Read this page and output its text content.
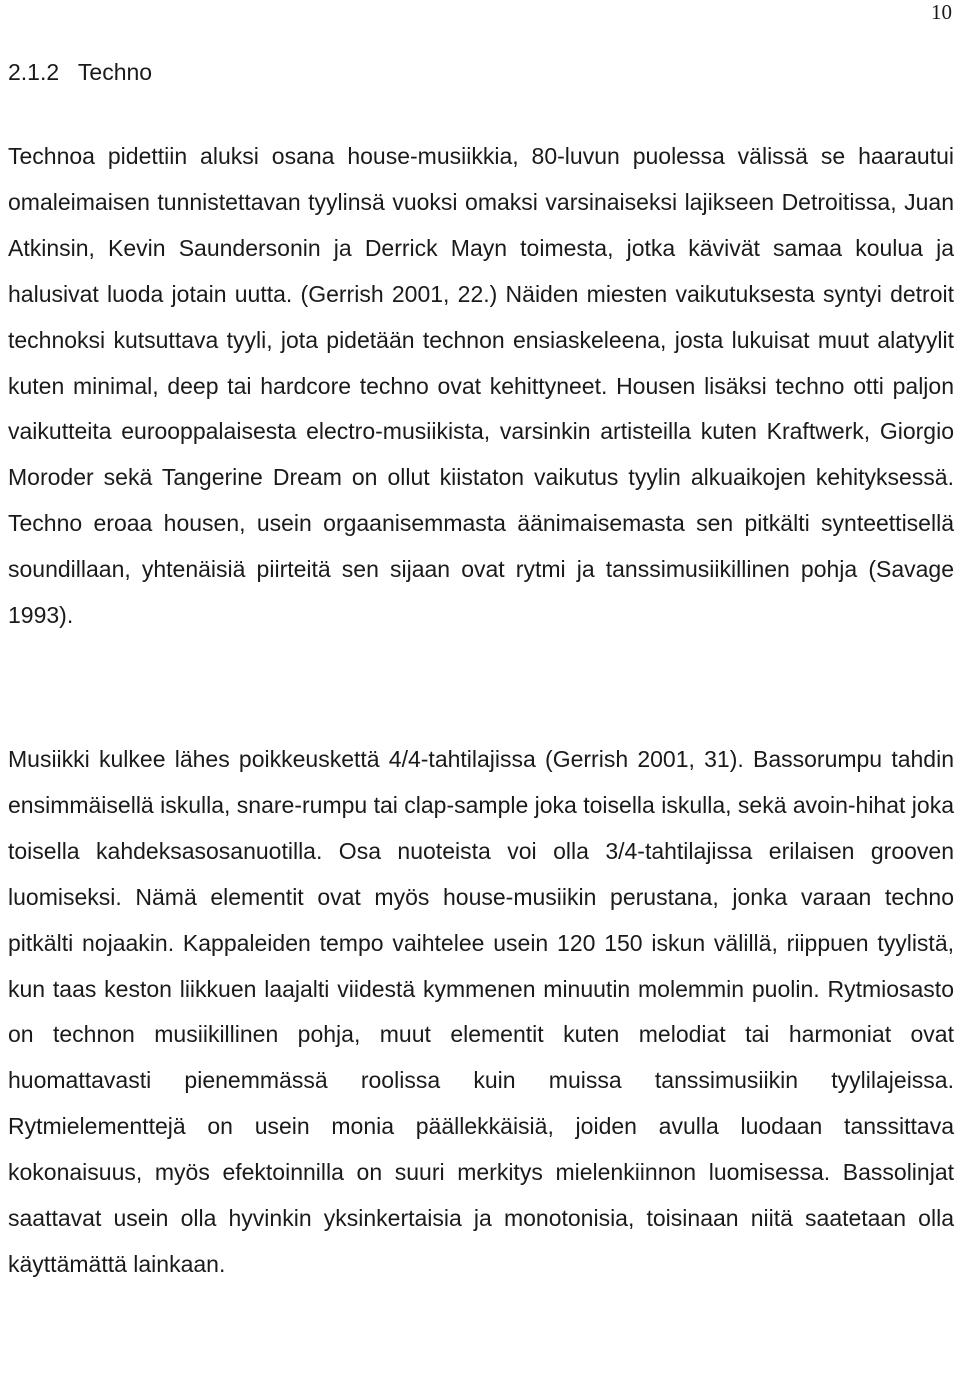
10
2.1.2   Techno

Technoa pidettiin aluksi osana house-musiikkia, 80-luvun puolessa välissä se haarautui omaleimaisen tunnistettavan tyylinsä vuoksi omaksi varsinaiseksi lajikseen Detroitissa, Juan Atkinsin, Kevin Saundersonin ja Derrick Mayn toimesta, jotka kävivät samaa koulua ja halusivat luoda jotain uutta. (Gerrish 2001, 22.) Näiden miesten vaikutuksesta syntyi detroit technoksi kutsuttava tyyli, jota pidetään technon ensiaskeleena, josta lukuisat muut alatyylit kuten minimal, deep tai hardcore techno ovat kehittyneet. Housen lisäksi techno otti paljon vaikutteita eurooppalaisesta electro-musiikista, varsinkin artisteilla kuten Kraftwerk, Giorgio Moroder sekä Tangerine Dream on ollut kiistaton vaikutus tyylin alkuaikojen kehityksessä. Techno eroaa housen, usein orgaanisemmasta äänimaisemasta sen pitkälti synteettisellä soundillaan, yhtenäisiä piirteitä sen sijaan ovat rytmi ja tanssimusiikillinen pohja (Savage 1993).

Musiikki kulkee lähes poikkeuskettä 4/4-tahtilajissa (Gerrish 2001, 31). Bassorumpu tahdin ensimmäisellä iskulla, snare-rumpu tai clap-sample joka toisella iskulla, sekä avoin-hihat joka toisella kahdeksasosanuotilla. Osa nuoteista voi olla 3/4-tahtilajissa erilaisen grooven luomiseksi. Nämä elementit ovat myös house-musiikin perustana, jonka varaan techno pitkälti nojaakin. Kappaleiden tempo vaihtelee usein 120 150 iskun välillä, riippuen tyylistä, kun taas keston liikkuen laajalti viidestä kymmenen minuutin molemmin puolin. Rytmiosasto on technon musiikillinen pohja, muut elementit kuten melodiat tai harmoniat ovat huomattavasti pienemmässä roolissa kuin muissa tanssimusiikin tyylilajeissa. Rytmielementtejä on usein monia päällekkäisiä, joiden avulla luodaan tanssittava kokonaisuus, myös efektoinnilla on suuri merkitys mielenkiinnon luomisessa. Bassolinjat saattavat usein olla hyvinkin yksinkertaisia ja monotonisia, toisinaan niitä saatetaan olla käyttämättä lainkaan.
